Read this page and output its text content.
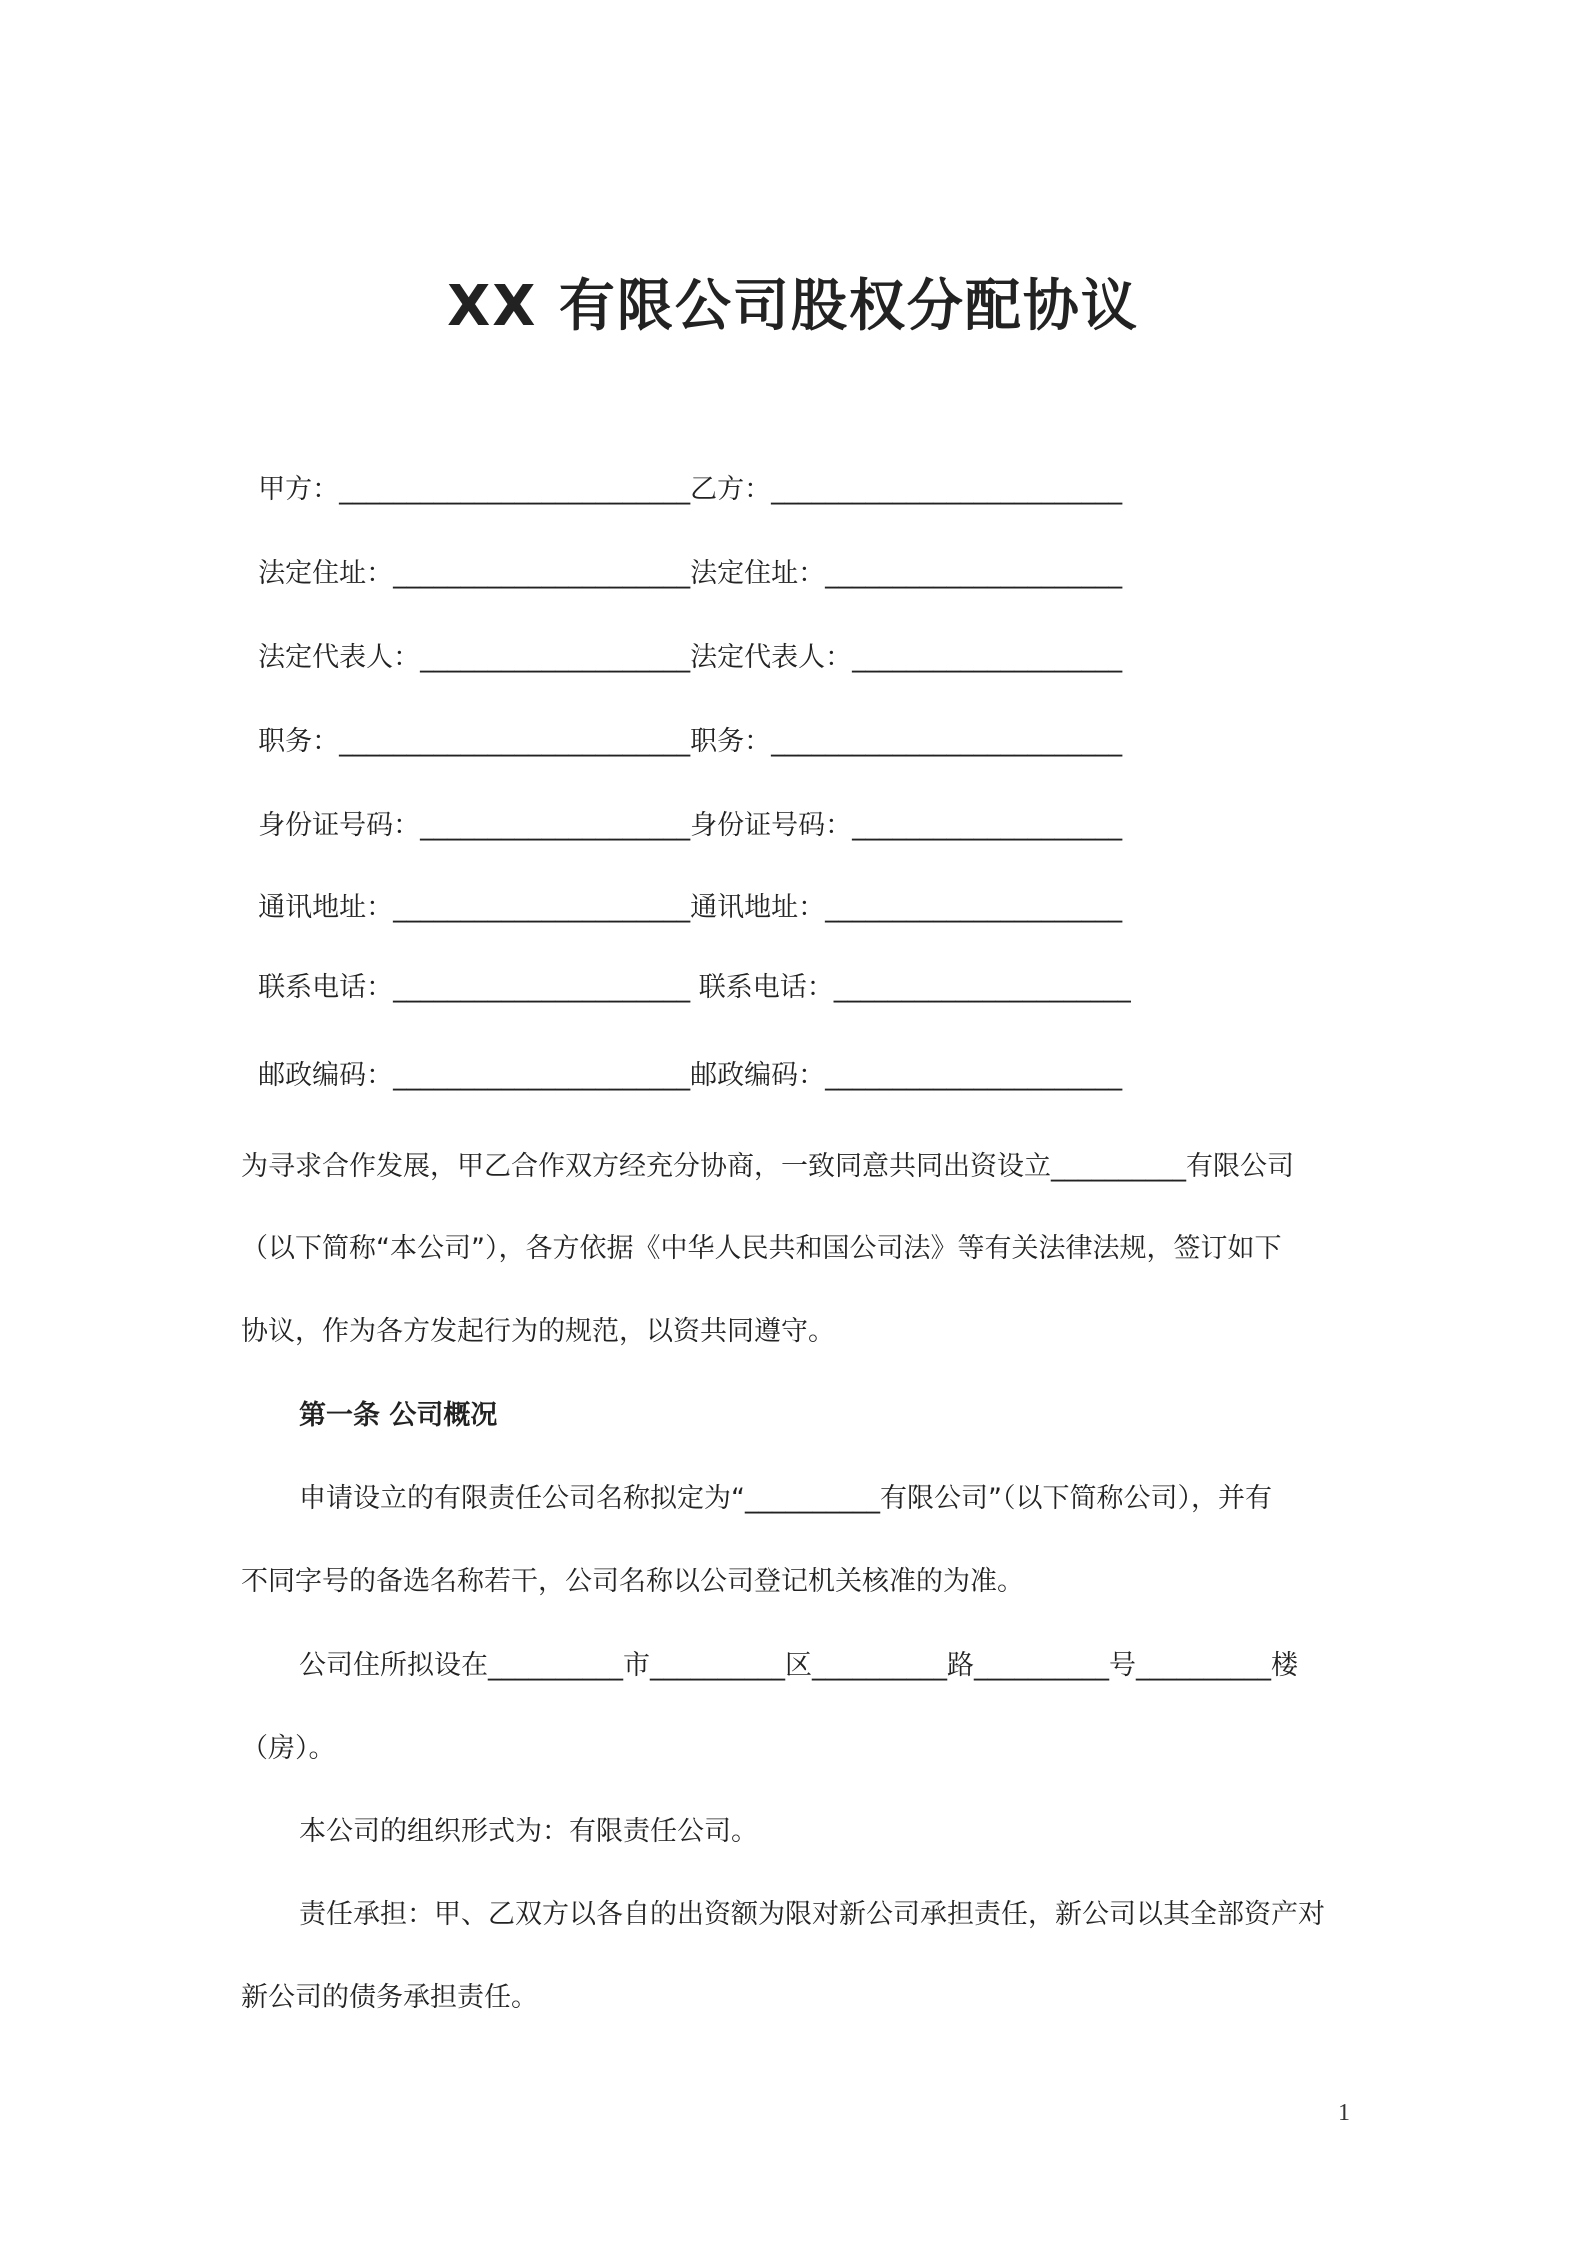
XX 有限公司股权分配协议

甲方：__________________________乙方：__________________________

法定住址：______________________法定住址：______________________

法定代表人：____________________法定代表人：____________________

职务：__________________________职务：__________________________

身份证号码：____________________身份证号码：____________________

通讯地址：______________________通讯地址：______________________

联系电话：______________________ 联系电话：______________________

邮政编码：______________________邮政编码：______________________

为寻求合作发展，甲乙合作双方经充分协商，一致同意共同出资设立__________有限公司
（以下简称“本公司”），各方依据《中华人民共和国公司法》等有关法律法规，签订如下
协议，作为各方发起行为的规范，以资共同遵守。
第一条 公司概况
申请设立的有限责任公司名称拟定为“__________有限公司”（以下简称公司），并有
不同字号的备选名称若干，公司名称以公司登记机关核准的为准。
公司住所拟设在__________市__________区__________路__________号__________楼
（房）。
本公司的组织形式为：有限责任公司。
责任承担：甲、乙双方以各自的出资额为限对新公司承担责任，新公司以其全部资产对
新公司的债务承担责任。
1
